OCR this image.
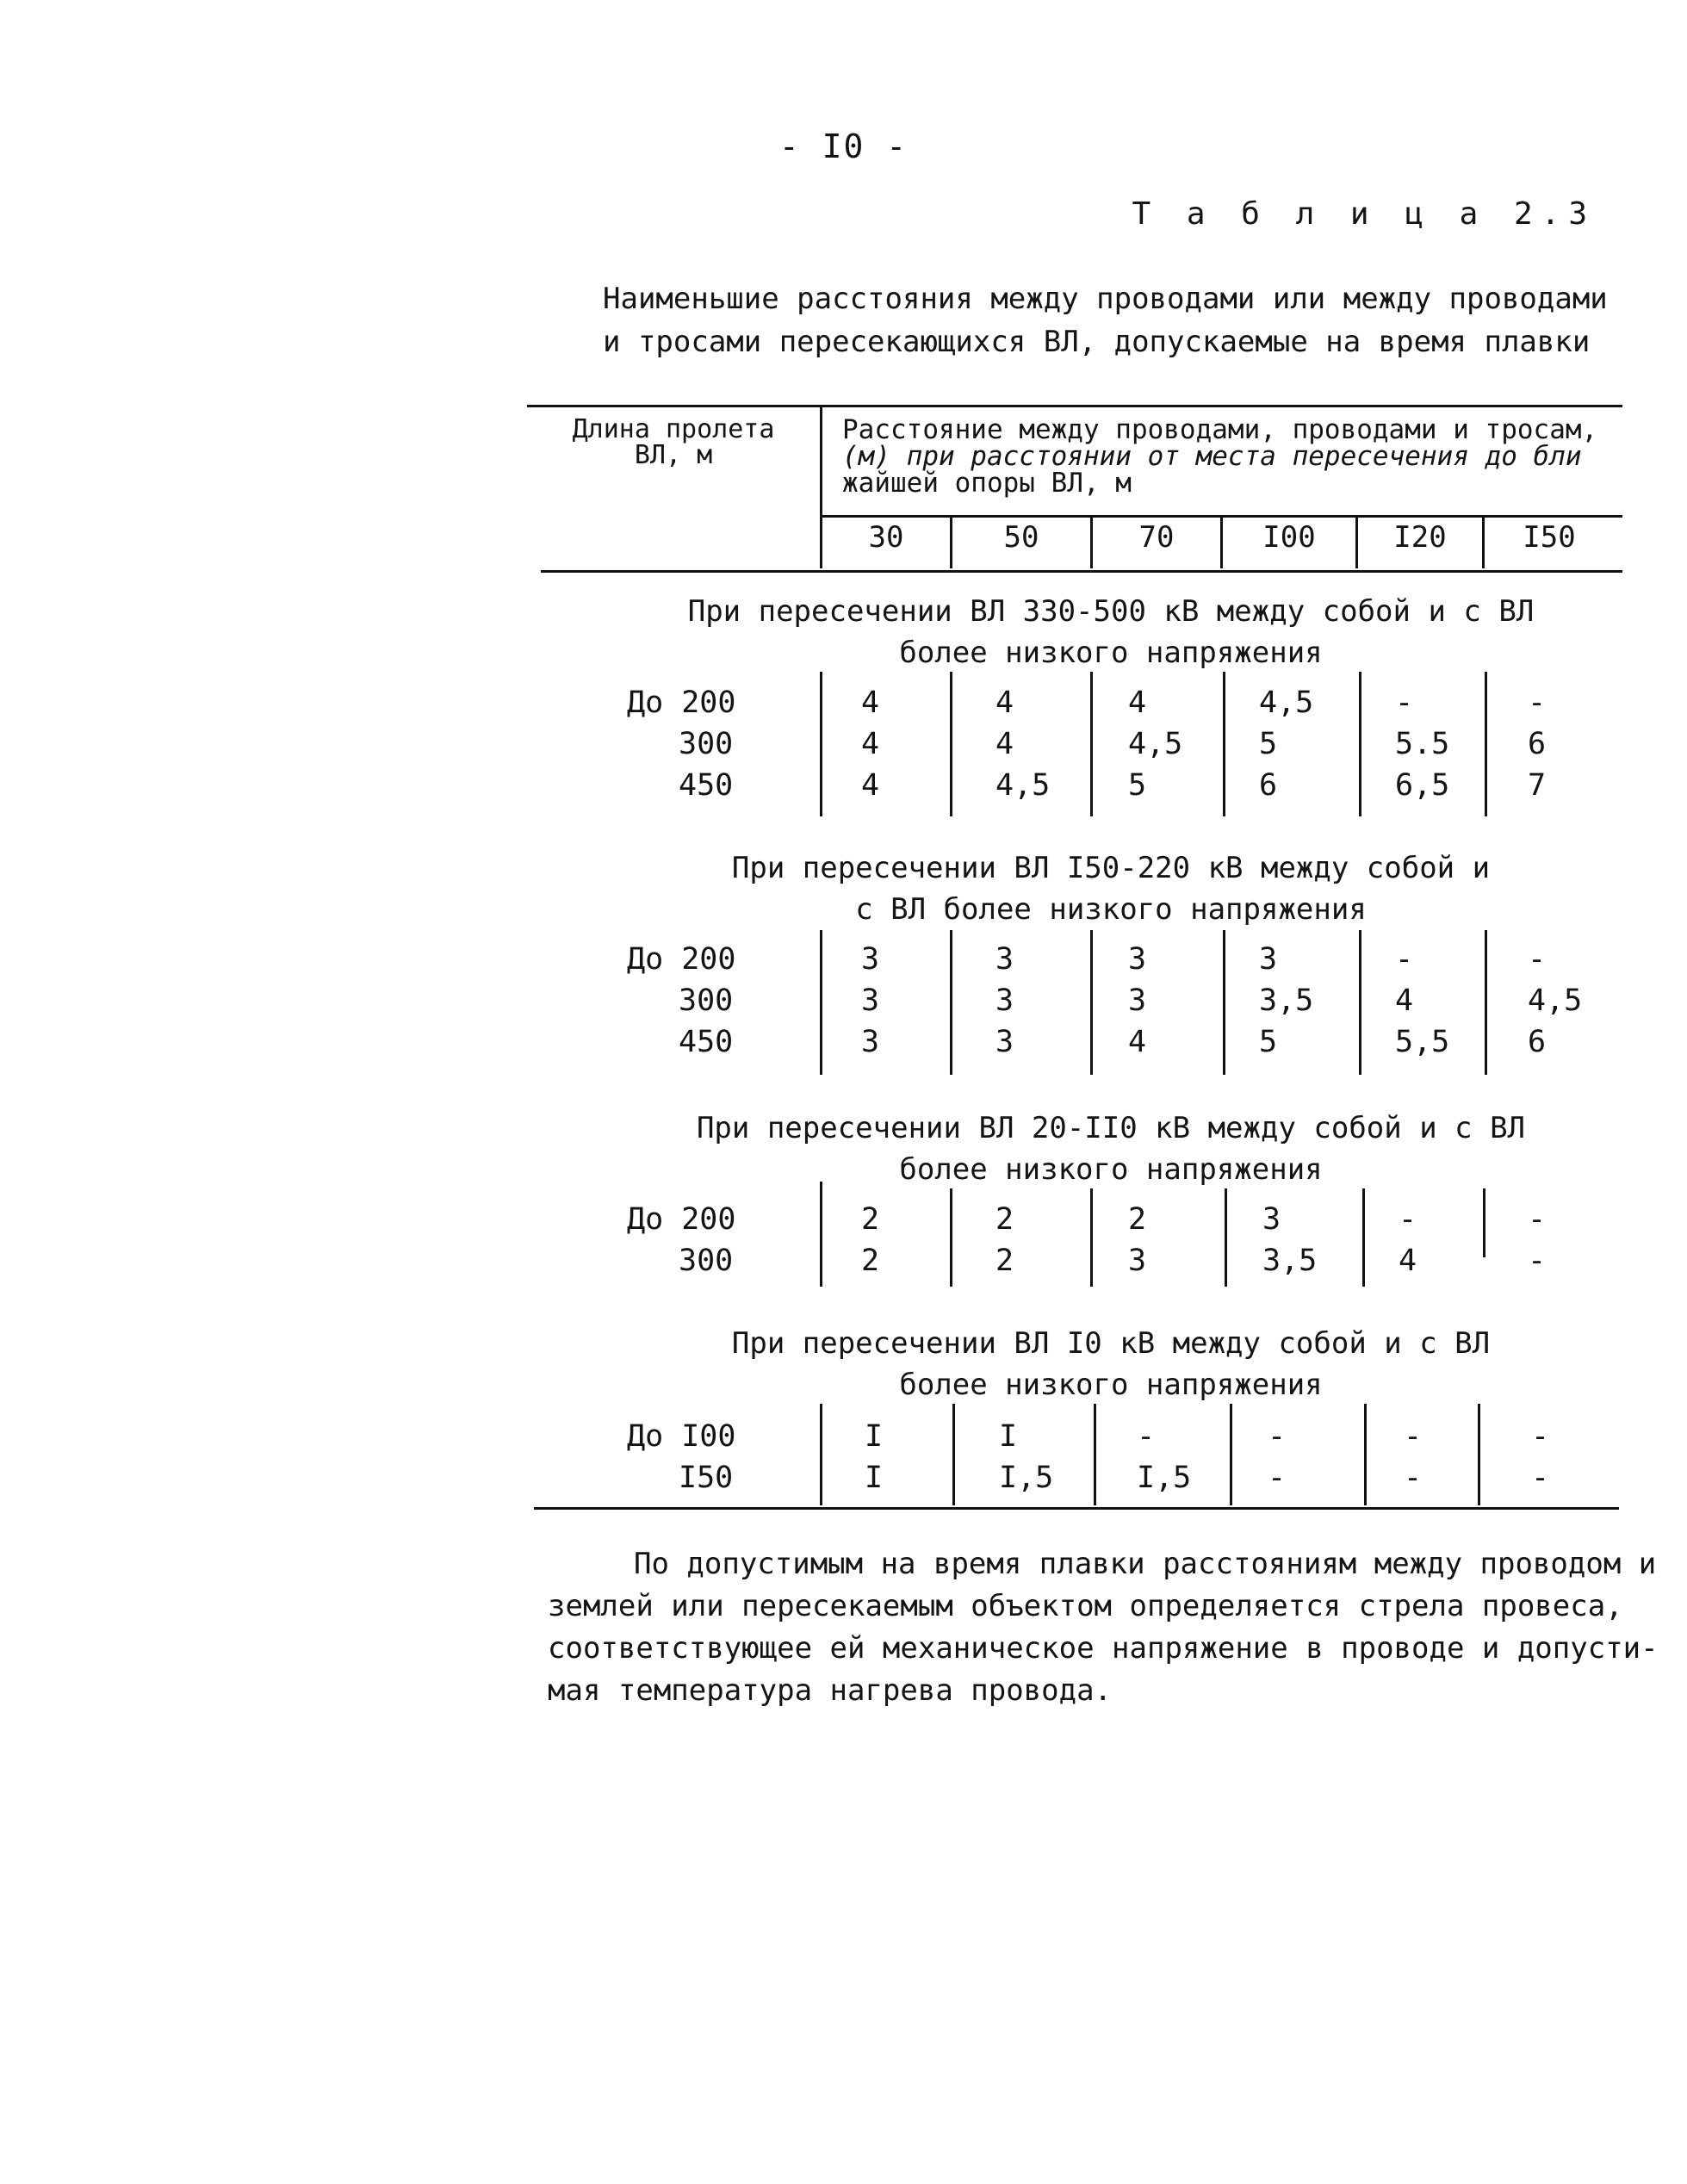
- I0 -
Т а б л и ц а 2.3
Наименьшие расстояния между проводами или между проводами
и тросами пересекающихся ВЛ, допускаемые на время плавки
Длина пролета
ВЛ, м
Расстояние между проводами, проводами и тросам,
(м) при расстоянии от места пересечения до бли
жайшей опоры ВЛ, м
30	50	70	I00	I20	I50
При пересечении ВЛ 330-500 кВ между собой и с ВЛ
более низкого напряжения
До 200	4	4	4	4,5	-	-
300	4	4	4,5	5	5.5	6
450	4	4,5	5	6	6,5	7
При пересечении ВЛ I50-220 кВ между собой и
с ВЛ более низкого напряжения
До 200	3	3	3	3	-	-
300	3	3	3	3,5	4	4,5
450	3	3	4	5	5,5	6
При пересечении ВЛ 20-II0 кВ между собой и с ВЛ
более низкого напряжения
До 200	2	2	2	3	-	-
300	2	2	3	3,5	4	-
При пересечении ВЛ I0 кВ между собой и с ВЛ
более низкого напряжения
До I00	I	I	-	-	-	-
I50	I	I,5	I,5	-	-	-
По допустимым на время плавки расстояниям между проводом и
землей или пересекаемым объектом определяется стрела провеса,
соответствующее ей механическое напряжение в проводе и допусти-
мая температура нагрева провода.
